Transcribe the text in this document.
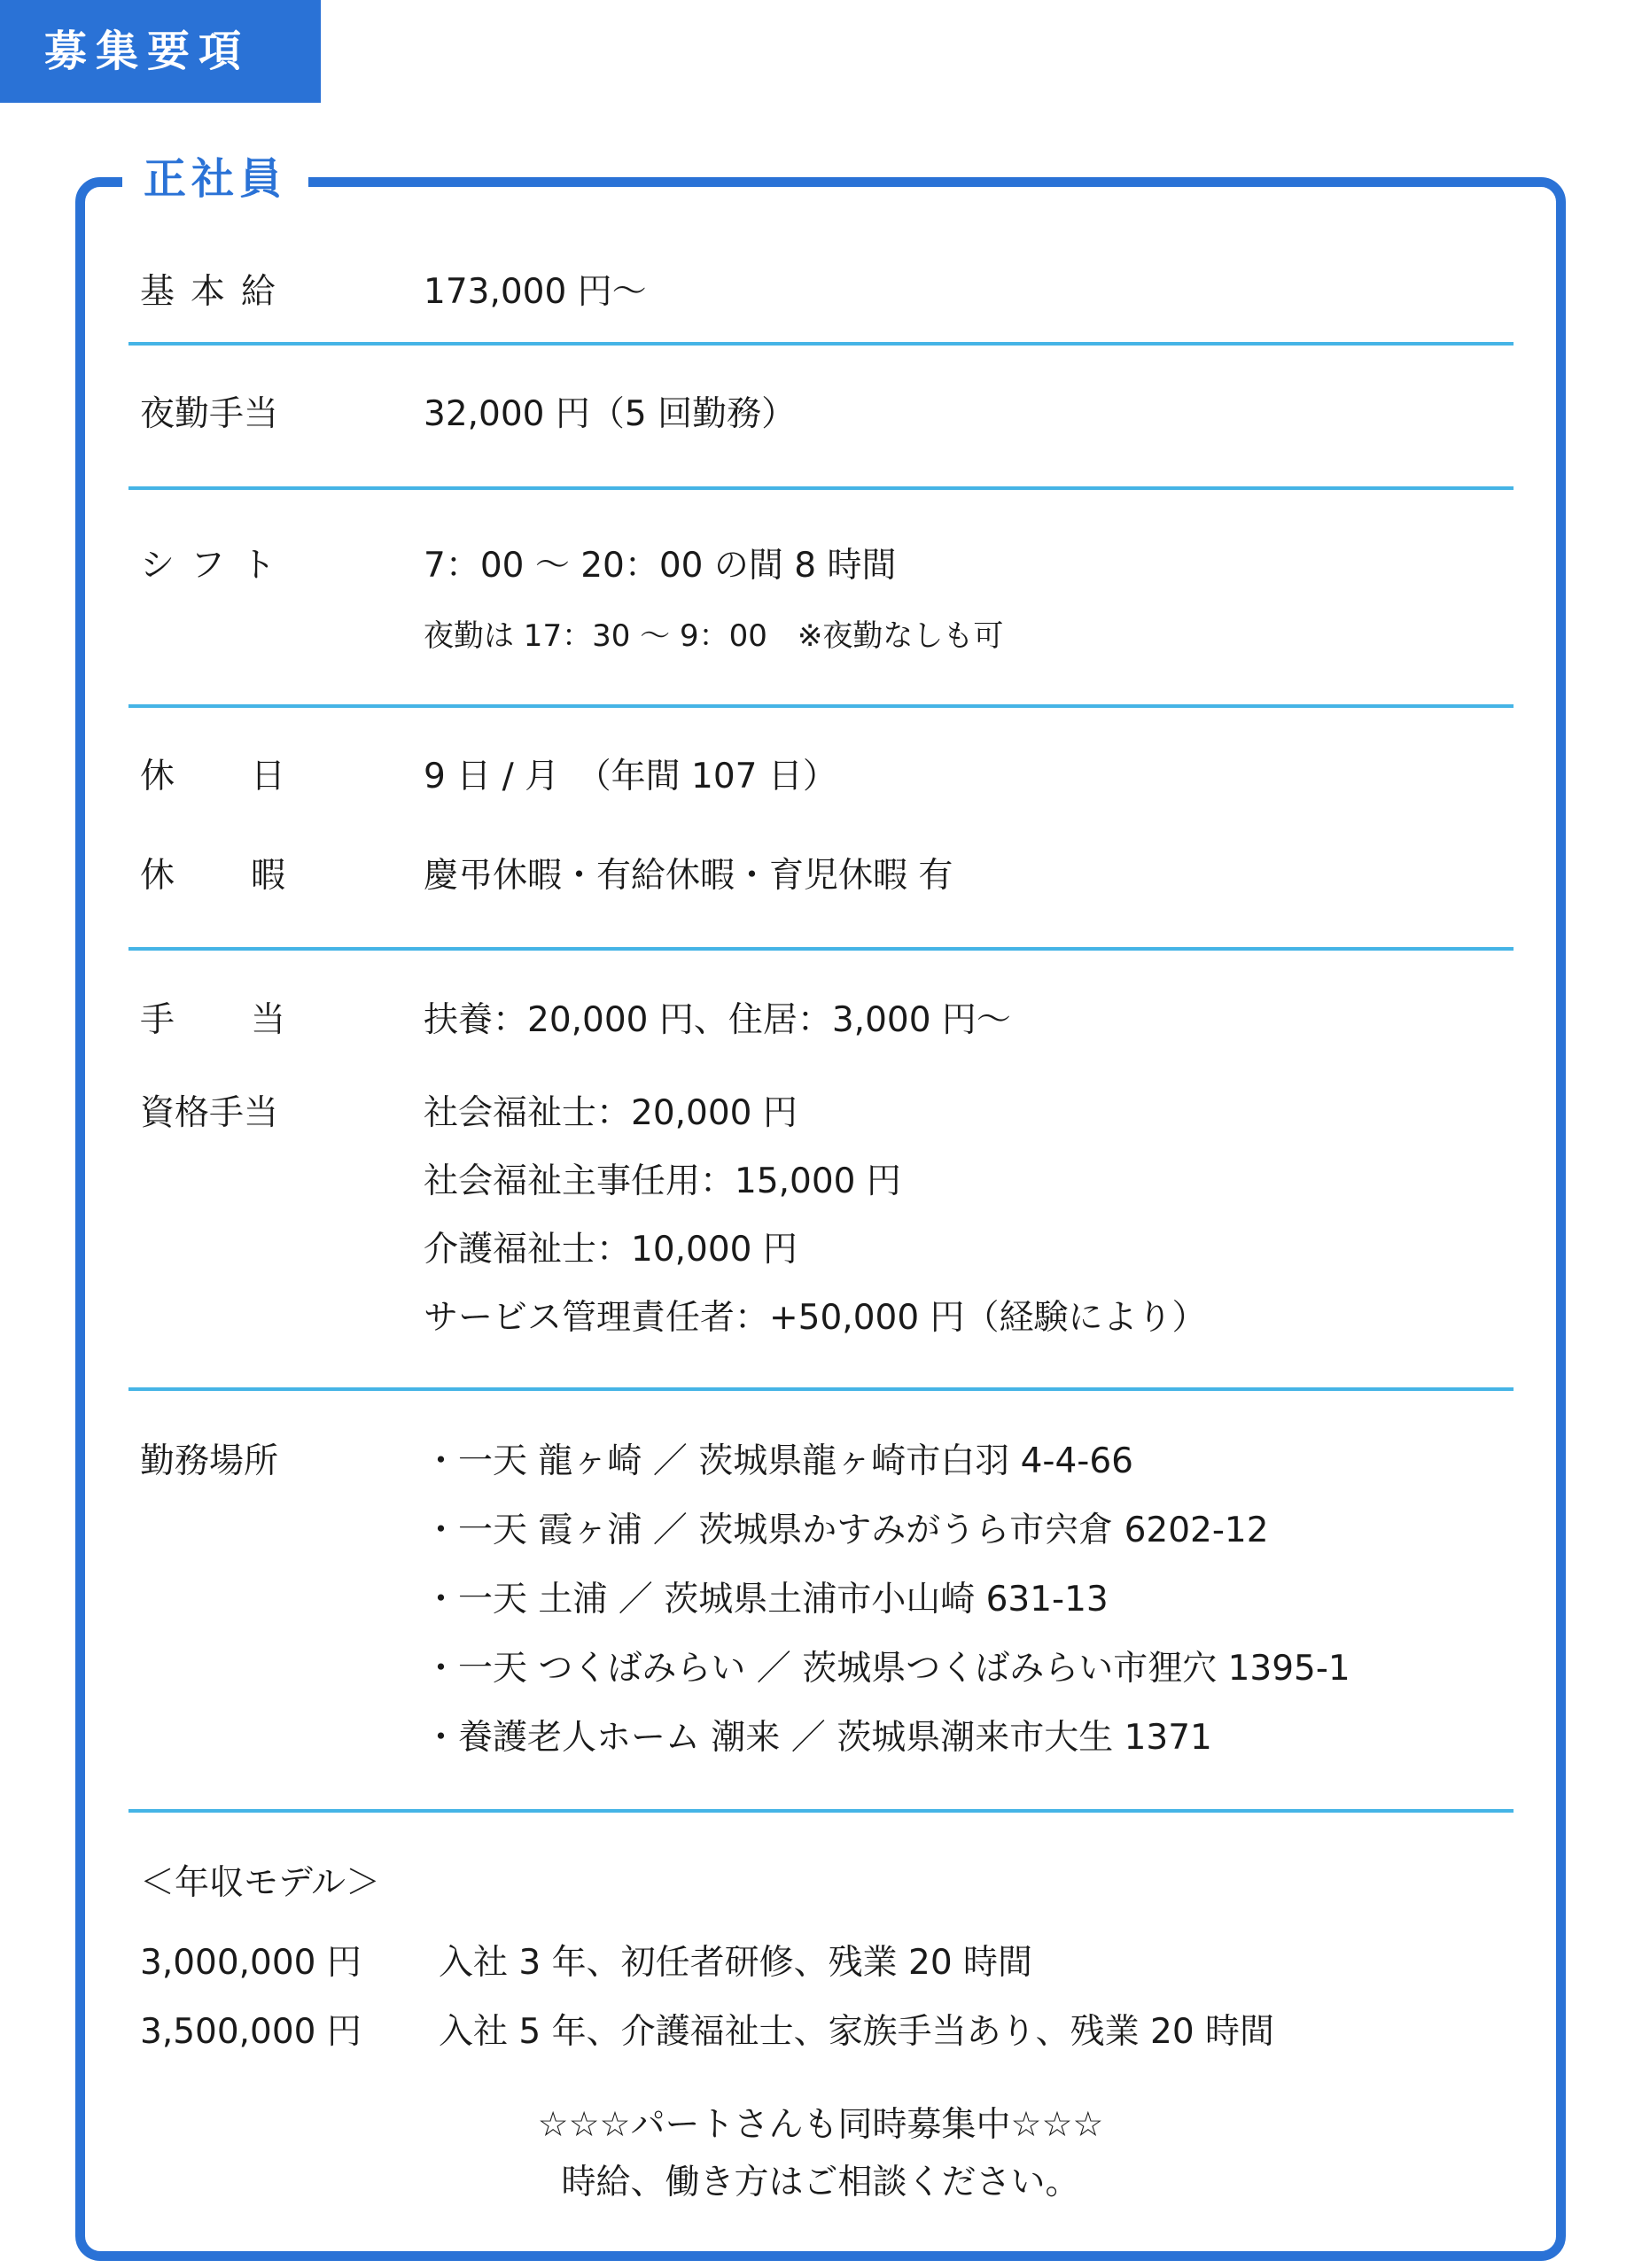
募集要項
正社員
基本給	173,000 円～
夜勤手当	32,000 円（5 回勤務）
シフト	7：00 ～ 20：00 の間 8 時間
夜勤は 17：30 ～ 9：00　※夜勤なしも可
休日 9 日 / 月　（年間 107 日）
休暇 慶弔休暇・有給休暇・育児休暇 有
手当 扶養：20,000 円、住居：3,000 円～
資格手当	社会福祉士：20,000 円
社会福祉主事任用：15,000 円
介護福祉士：10,000 円
サービス管理責任者：+50,000 円（経験により）
勤務場所	・一天 龍ヶ崎 ／ 茨城県龍ヶ崎市白羽 4-4-66
・一天 霞ヶ浦 ／ 茨城県かすみがうら市宍倉 6202-12
・一天 土浦 ／ 茨城県土浦市小山崎 631-13
・一天 つくばみらい ／ 茨城県つくばみらい市狸穴 1395-1
・養護老人ホーム 潮来 ／ 茨城県潮来市大生 1371
＜年収モデル＞
3,000,000 円 入社 3 年、初任者研修、残業 20 時間
3,500,000 円 入社 5 年、介護福祉士、家族手当あり、残業 20 時間
☆☆☆パートさんも同時募集中☆☆☆
時給、働き方はご相談ください。
